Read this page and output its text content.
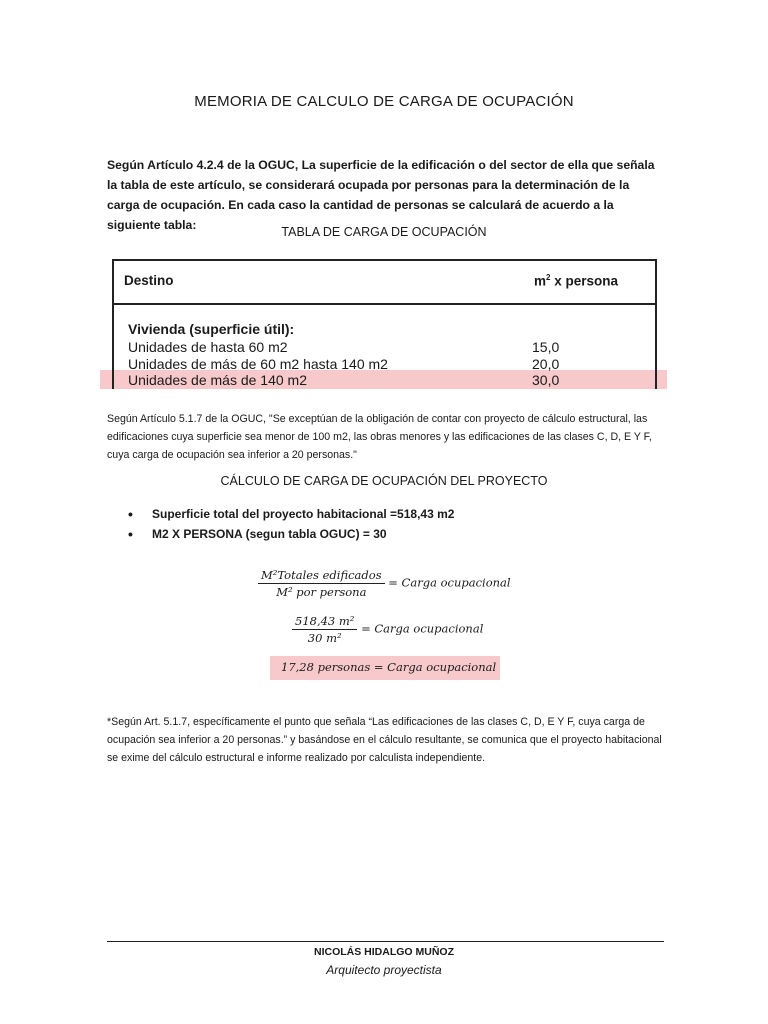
MEMORIA DE CALCULO DE CARGA DE OCUPACIÓN
Según Artículo 4.2.4 de la OGUC, La superficie de la edificación o del sector de ella que señala la tabla de este artículo, se considerará ocupada por personas para la determinación de la carga de ocupación. En cada caso la cantidad de personas se calculará de acuerdo a la siguiente tabla:	TABLA DE CARGA DE OCUPACIÓN
Destino	$m^2$ x persona
Vivienda (superficie útil):
Unidades de hasta 60 m2	15,0
Unidades de más de 60 m2 hasta 140 m2	20,0
Unidades de más de 140 m2	30,0
Según Artículo 5.1.7 de la OGUC, "Se exceptúan de la obligación de contar con proyecto de cálculo estructural, las edificaciones cuya superficie sea menor de 100 m2, las obras menores y las edificaciones de las clases C, D, E Y F, cuya carga de ocupación sea inferior a 20 personas."
CÁLCULO DE CARGA DE OCUPACIÓN DEL PROYECTO
• Superficie total del proyecto habitacional =518,43 m2
• M2 X PERSONA (segun tabla OGUC) = 30
$\frac{\text{M²Totales edificados}}{\text{M² por persona}}$ = Carga ocupacional
$\frac{\text{518,43 m²}}{\text{30 m²}}$ = Carga ocupacional
17,28 personas = Carga ocupacional
*Según Art. 5.1.7, específicamente el punto que señala “Las edificaciones de las clases C, D, E Y F, cuya carga de ocupación sea inferior a 20 personas.” y basándose en el cálculo resultante, se comunica que el proyecto habitacional se exime del cálculo estructural e informe realizado por calculista independiente.
NICOLÁS HIDALGO MUÑOZ
Arquitecto proyectista
